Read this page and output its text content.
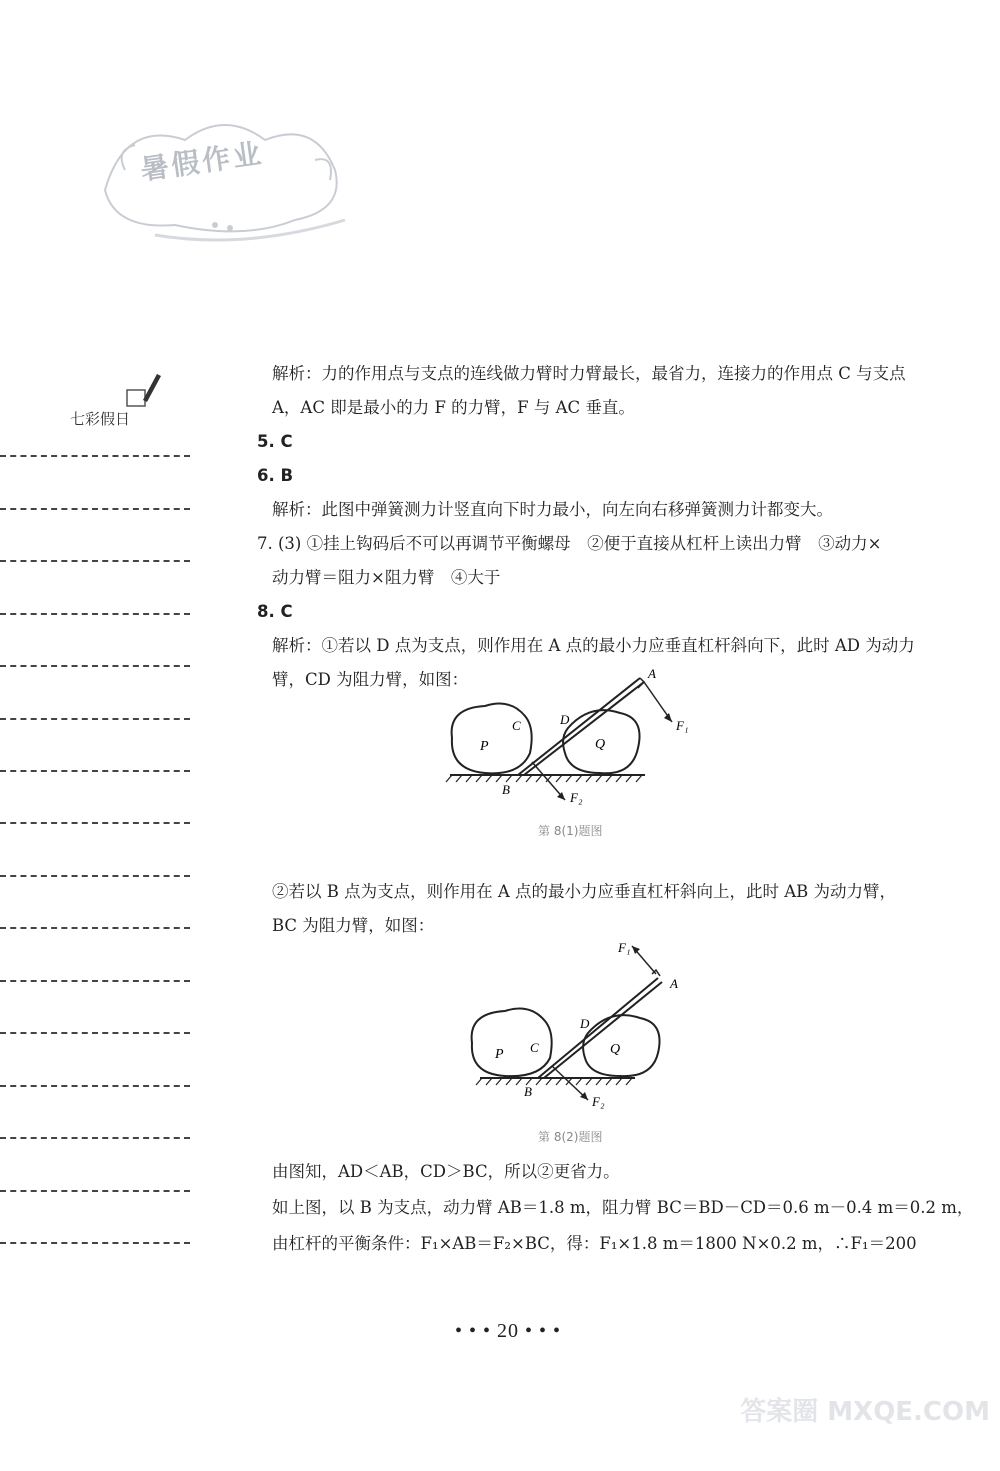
暑假作业
七彩假日
解析：力的作用点与支点的连线做力臂时力臂最长，最省力，连接力的作用点 C 与支点
A，AC 即是最小的力 F 的力臂，F 与 AC 垂直。
5. C
6. B
解析：此图中弹簧测力计竖直向下时力最小，向左向右移弹簧测力计都变大。
7. (3) ①挂上钩码后不可以再调节平衡螺母　②便于直接从杠杆上读出力臂　③动力×
动力臂＝阻力×阻力臂　④大于
8. C
解析：①若以 D 点为支点，则作用在 A 点的最小力应垂直杠杆斜向下，此时 AD 为动力
臂，CD 为阻力臂，如图：	A
B
C	D
P	Q
F₁
F₂
第 8(1)题图
②若以 B 点为支点，则作用在 A 点的最小力应垂直杠杆斜向上，此时 AB 为动力臂，
BC 为阻力臂，如图：
A
B
C
D
P	Q
F₁
F₂
第 8(2)题图
由图知，AD＜AB，CD＞BC，所以②更省力。
如上图，以 B 为支点，动力臂 AB＝1.8 m，阻力臂 BC＝BD－CD＝0.6 m－0.4 m＝0.2 m，
由杠杆的平衡条件：F₁×AB＝F₂×BC，得：F₁×1.8 m＝1800 N×0.2 m，∴F₁＝200
• • • 20 • • •
答案圈 MXQE.COM
